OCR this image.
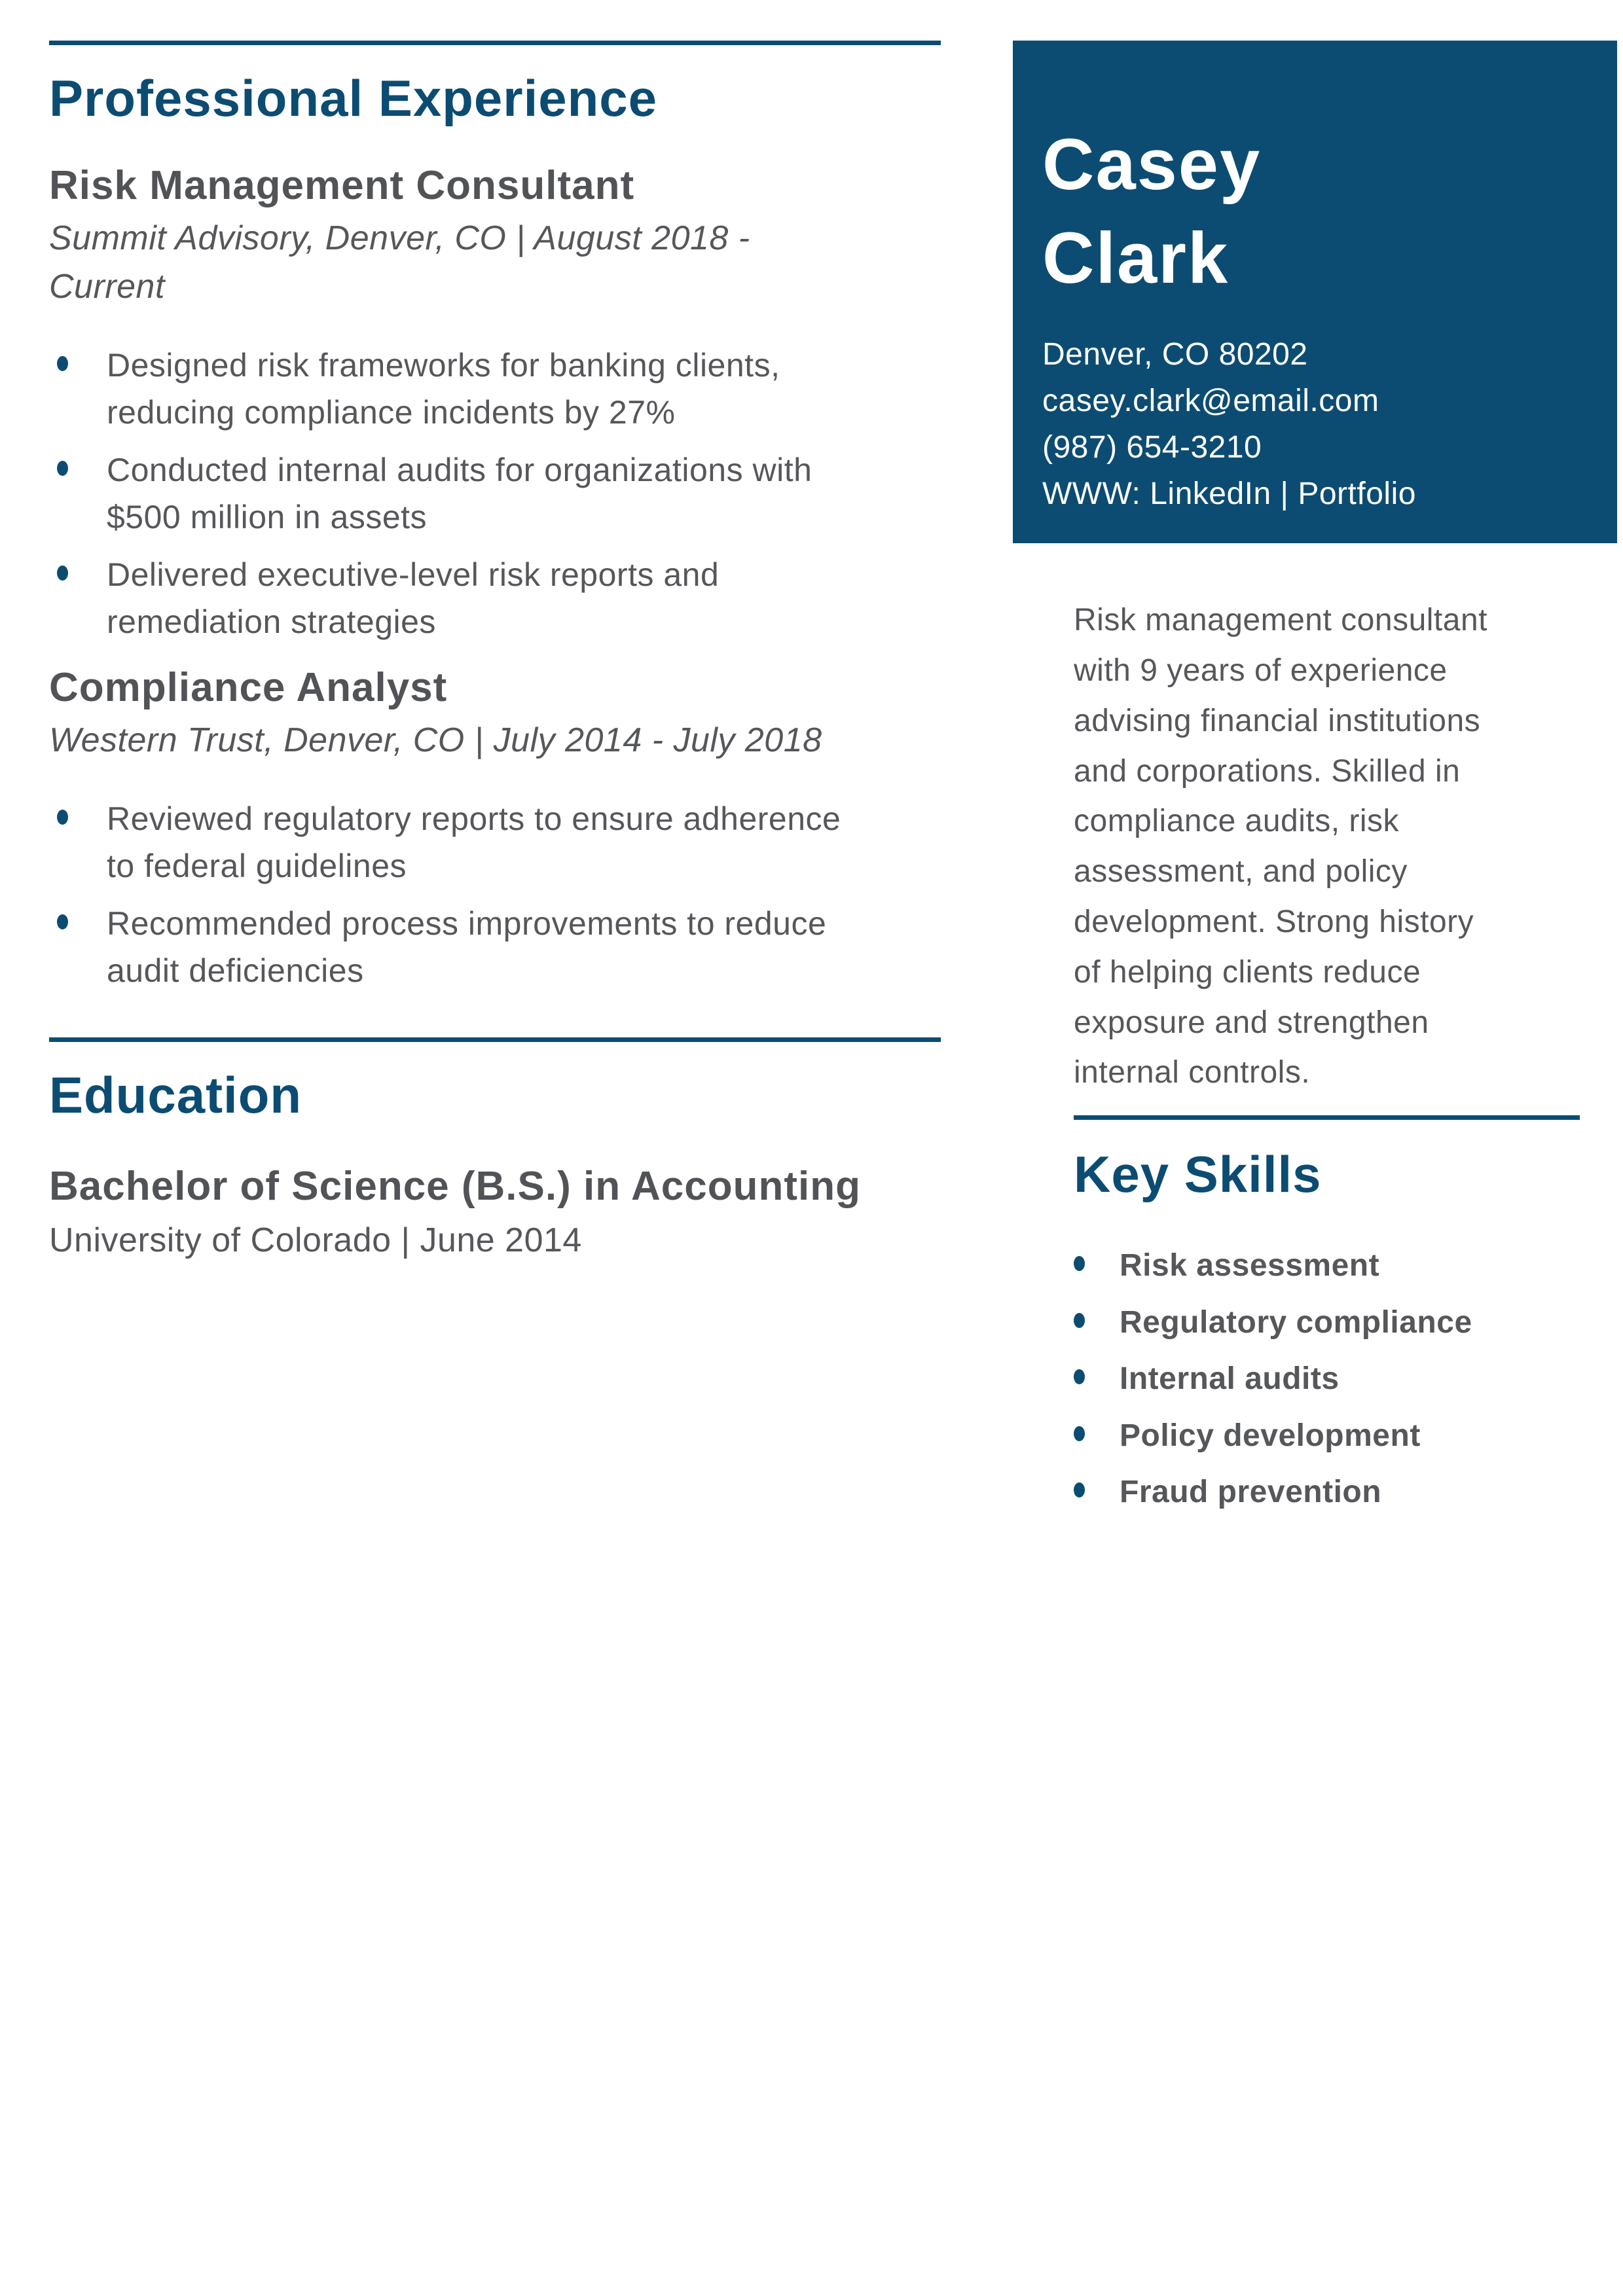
Professional Experience
Risk Management Consultant

Summit Advisory, Denver, CO | August 2018 - Current

Designed risk frameworks for banking clients, reducing compliance incidents by 27%
Conducted internal audits for organizations with $500 million in assets
Delivered executive-level risk reports and remediation strategies
Compliance Analyst

Western Trust, Denver, CO | July 2014 - July 2018

Reviewed regulatory reports to ensure adherence to federal guidelines
Recommended process improvements to reduce audit deficiencies
Education
Bachelor of Science (B.S.) in Accounting

University of Colorado | June 2014

Casey
Clark

Denver, CO 80202

casey.clark@email.com

(987) 654-3210

WWW: LinkedIn | Portfolio

Risk management consultant with 9 years of experience advising financial institutions and corporations. Skilled in compliance audits, risk assessment, and policy development. Strong history of helping clients reduce exposure and strengthen internal controls.

Key Skills
Risk assessment
Regulatory compliance
Internal audits
Policy development
Fraud prevention
